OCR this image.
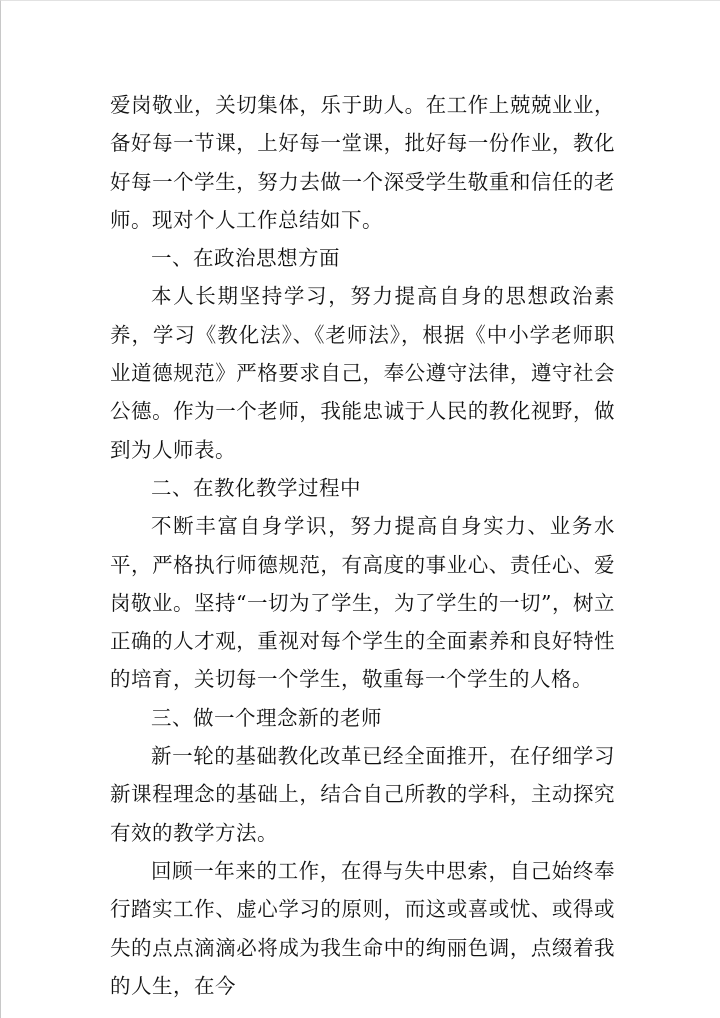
爱岗敬业，关切集体，乐于助人。在工作上兢兢业业，备好每一节课，上好每一堂课，批好每一份作业，教化好每一个学生，努力去做一个深受学生敬重和信任的老师。现对个人工作总结如下。

一、在政治思想方面

本人长期坚持学习，努力提高自身的思想政治素养，学习《教化法》、《老师法》，根据《中小学老师职业道德规范》严格要求自己，奉公遵守法律，遵守社会公德。作为一个老师，我能忠诚于人民的教化视野，做到为人师表。

二、在教化教学过程中

不断丰富自身学识，努力提高自身实力、业务水平，严格执行师德规范，有高度的事业心、责任心、爱岗敬业。坚持“一切为了学生，为了学生的一切”，树立正确的人才观，重视对每个学生的全面素养和良好特性的培育，关切每一个学生，敬重每一个学生的人格。

三、做一个理念新的老师

新一轮的基础教化改革已经全面推开，在仔细学习新课程理念的基础上，结合自己所教的学科，主动探究有效的教学方法。

回顾一年来的工作，在得与失中思索，自己始终奉行踏实工作、虚心学习的原则，而这或喜或忧、或得或失的点点滴滴必将成为我生命中的绚丽色调，点缀着我的人生，在今
